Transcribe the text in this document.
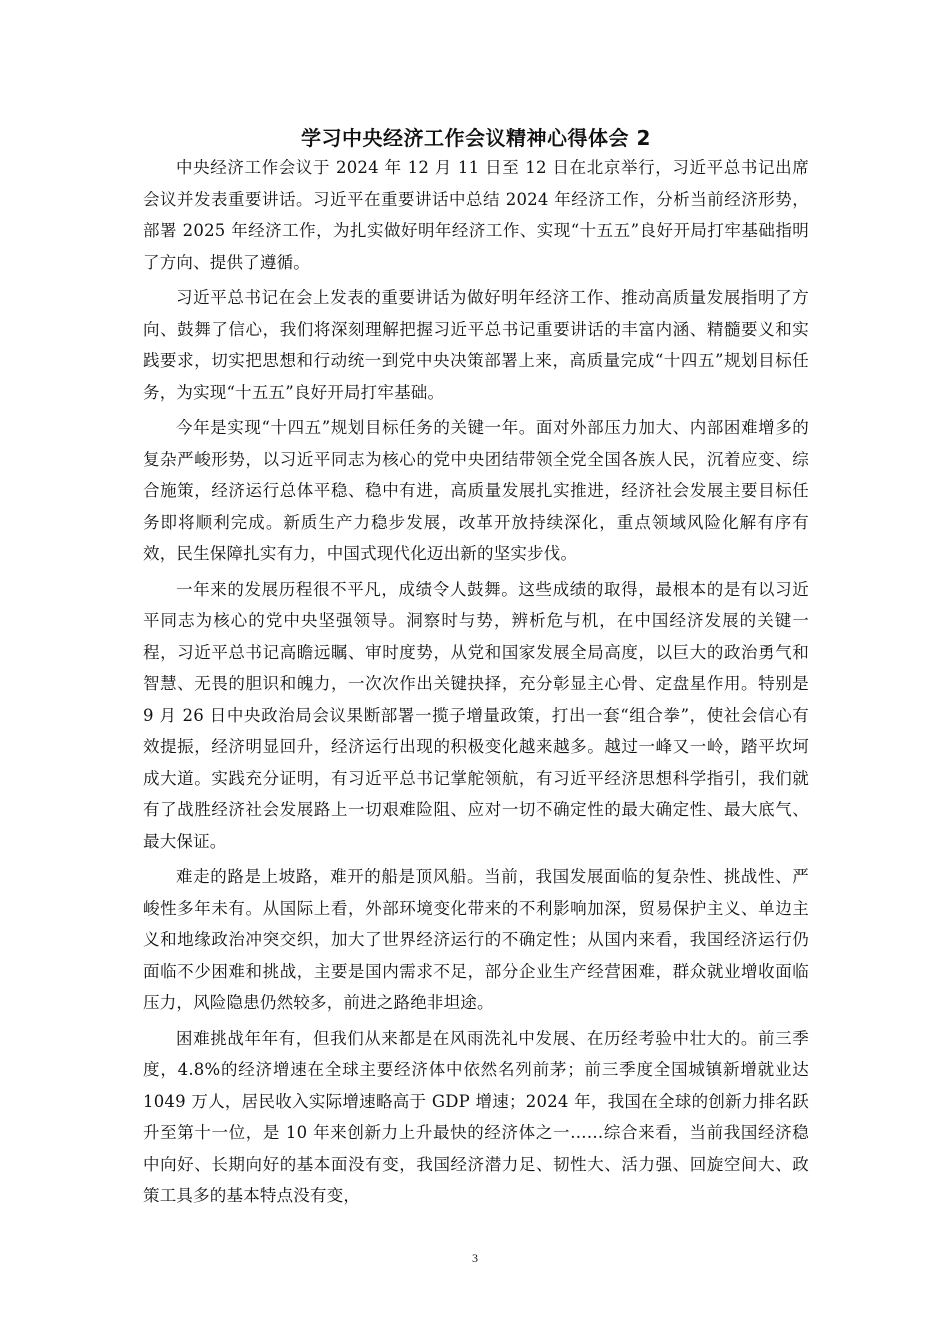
学习中央经济工作会议精神心得体会 2

中央经济工作会议于 2024 年 12 月 11 日至 12 日在北京举行，习近平总书记出席会议并发表重要讲话。习近平在重要讲话中总结 2024 年经济工作，分析当前经济形势，部署 2025 年经济工作，为扎实做好明年经济工作、实现“十五五”良好开局打牢基础指明了方向、提供了遵循。

习近平总书记在会上发表的重要讲话为做好明年经济工作、推动高质量发展指明了方向、鼓舞了信心，我们将深刻理解把握习近平总书记重要讲话的丰富内涵、精髓要义和实践要求，切实把思想和行动统一到党中央决策部署上来，高质量完成“十四五”规划目标任务，为实现“十五五”良好开局打牢基础。

今年是实现“十四五”规划目标任务的关键一年。面对外部压力加大、内部困难增多的复杂严峻形势，以习近平同志为核心的党中央团结带领全党全国各族人民，沉着应变、综合施策，经济运行总体平稳、稳中有进，高质量发展扎实推进，经济社会发展主要目标任务即将顺利完成。新质生产力稳步发展，改革开放持续深化，重点领域风险化解有序有效，民生保障扎实有力，中国式现代化迈出新的坚实步伐。

一年来的发展历程很不平凡，成绩令人鼓舞。这些成绩的取得，最根本的是有以习近平同志为核心的党中央坚强领导。洞察时与势，辨析危与机，在中国经济发展的关键一程，习近平总书记高瞻远瞩、审时度势，从党和国家发展全局高度，以巨大的政治勇气和智慧、无畏的胆识和魄力，一次次作出关键抉择，充分彰显主心骨、定盘星作用。特别是 9 月 26 日中央政治局会议果断部署一揽子增量政策，打出一套“组合拳”，使社会信心有效提振，经济明显回升，经济运行出现的积极变化越来越多。越过一峰又一岭，踏平坎坷成大道。实践充分证明，有习近平总书记掌舵领航，有习近平经济思想科学指引，我们就有了战胜经济社会发展路上一切艰难险阻、应对一切不确定性的最大确定性、最大底气、最大保证。

难走的路是上坡路，难开的船是顶风船。当前，我国发展面临的复杂性、挑战性、严峻性多年未有。从国际上看，外部环境变化带来的不利影响加深，贸易保护主义、单边主义和地缘政治冲突交织，加大了世界经济运行的不确定性；从国内来看，我国经济运行仍面临不少困难和挑战，主要是国内需求不足，部分企业生产经营困难，群众就业增收面临压力，风险隐患仍然较多，前进之路绝非坦途。

困难挑战年年有，但我们从来都是在风雨洗礼中发展、在历经考验中壮大的。前三季度，4.8%的经济增速在全球主要经济体中依然名列前茅；前三季度全国城镇新增就业达 1049 万人，居民收入实际增速略高于 GDP 增速；2024 年，我国在全球的创新力排名跃升至第十一位，是 10 年来创新力上升最快的经济体之一……综合来看，当前我国经济稳中向好、长期向好的基本面没有变，我国经济潜力足、韧性大、活力强、回旋空间大、政策工具多的基本特点没有变，

3
